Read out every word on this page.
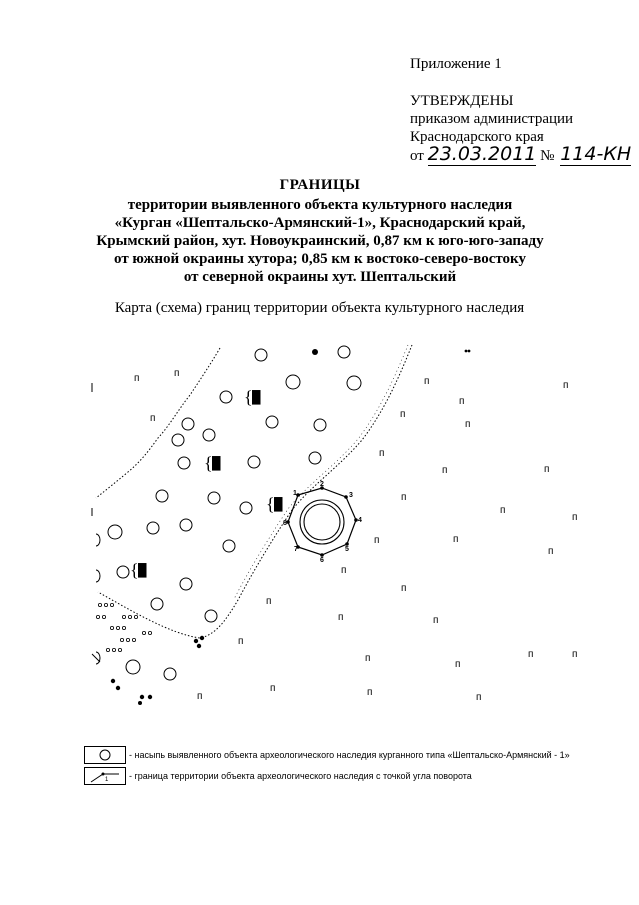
Приложение 1
УТВЕРЖДЕНЫ
приказом администрации
Краснодарского края
от 23.03.2011 № 114-КН
ГРАНИЦЫ
территории выявленного объекта культурного наследия
«Курган «Шептальско-Армянский-1», Краснодарский край,
Крымский район, хут. Новоукраинский, 0,87 км к юго-юго-западу
от южной окраины хутора; 0,85 км к востоко-северо-востоку
от северной окраины хут. Шептальский
Карта (схема) границ территории объекта культурного наследия
{ █
{ █
{ █
{ █
1
2
3
4
5
6
7
8
п	п
п
п	п
п
п
п
п
п	п
п
п
п
п	п
п
п
п
п
п	п
п
п	п
п
п
п	п
п	п
- насыпь выявленного объекта археологического наследия курганного типа «Шептальско-Армянский - 1»
1 - граница территории объекта археологического наследия с точкой угла поворота
